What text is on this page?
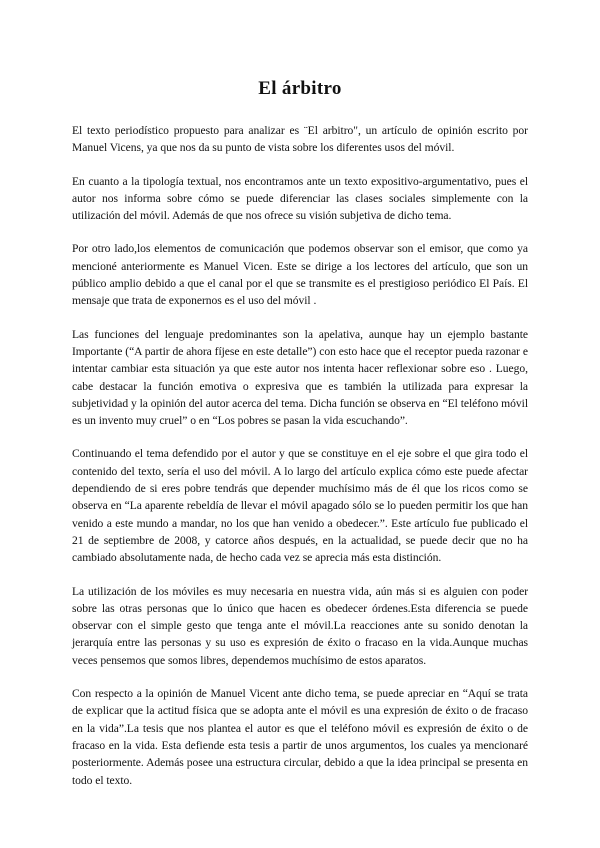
El árbitro

El texto periodístico propuesto para analizar es ¨El arbitro", un artículo de opinión escrito por Manuel Vicens, ya que nos da su punto de vista sobre los diferentes usos del móvil.

En cuanto a la tipología textual, nos encontramos ante un texto expositivo-argumentativo, pues el autor nos informa sobre cómo se puede diferenciar las clases sociales simplemente con la utilización del móvil. Además de que nos ofrece su visión subjetiva de dicho tema.

Por otro lado,los elementos de comunicación que podemos observar son el emisor, que como ya mencioné anteriormente es Manuel Vicen. Este se dirige a los lectores del artículo, que son un público amplio debido a que el canal por el que se transmite es el prestigioso periódico El País. El mensaje que trata de exponernos es el uso del móvil .

Las funciones del lenguaje predominantes son la apelativa, aunque hay un ejemplo bastante Importante (“A partir de ahora fíjese en este detalle”) con esto hace que el receptor pueda razonar e intentar cambiar esta situación ya que este autor nos intenta hacer reflexionar sobre eso . Luego, cabe destacar la función emotiva o expresiva que es también la utilizada para expresar la subjetividad y la opinión del autor acerca del tema. Dicha función se observa en “El teléfono móvil es un invento muy cruel” o en “Los pobres se pasan la vida escuchando”.

Continuando el tema defendido por el autor y que se constituye en el eje sobre el que gira todo el contenido del texto, sería el uso del móvil. A lo largo del artículo explica cómo este puede afectar dependiendo de si eres pobre tendrás que depender muchísimo más de él que los ricos como se observa en “La aparente rebeldía de llevar el móvil apagado sólo se lo pueden permitir los que han venido a este mundo a mandar, no los que han venido a obedecer.”. Este artículo fue publicado el 21 de septiembre de 2008, y catorce años después, en la actualidad, se puede decir que no ha cambiado absolutamente nada, de hecho cada vez se aprecia más esta distinción.

La utilización de los móviles es muy necesaria en nuestra vida, aún más si es alguien con poder sobre las otras personas que lo único que hacen es obedecer órdenes.Esta diferencia se puede observar con el simple gesto que tenga ante el móvil.La reacciones ante su sonido denotan la jerarquía entre las personas y su uso es expresión de éxito o fracaso en la vida.Aunque muchas veces pensemos que somos libres, dependemos muchísimo de estos aparatos.

Con respecto a la opinión de Manuel Vicent ante dicho tema, se puede apreciar en “Aquí se trata de explicar que la actitud física que se adopta ante el móvil es una expresión de éxito o de fracaso en la vida”.La tesis que nos plantea el autor es que el teléfono móvil es expresión de éxito o de fracaso en la vida. Esta defiende esta tesis a partir de unos argumentos, los cuales ya mencionaré posteriormente. Además posee una estructura circular, debido a que la idea principal se presenta en todo el texto.
